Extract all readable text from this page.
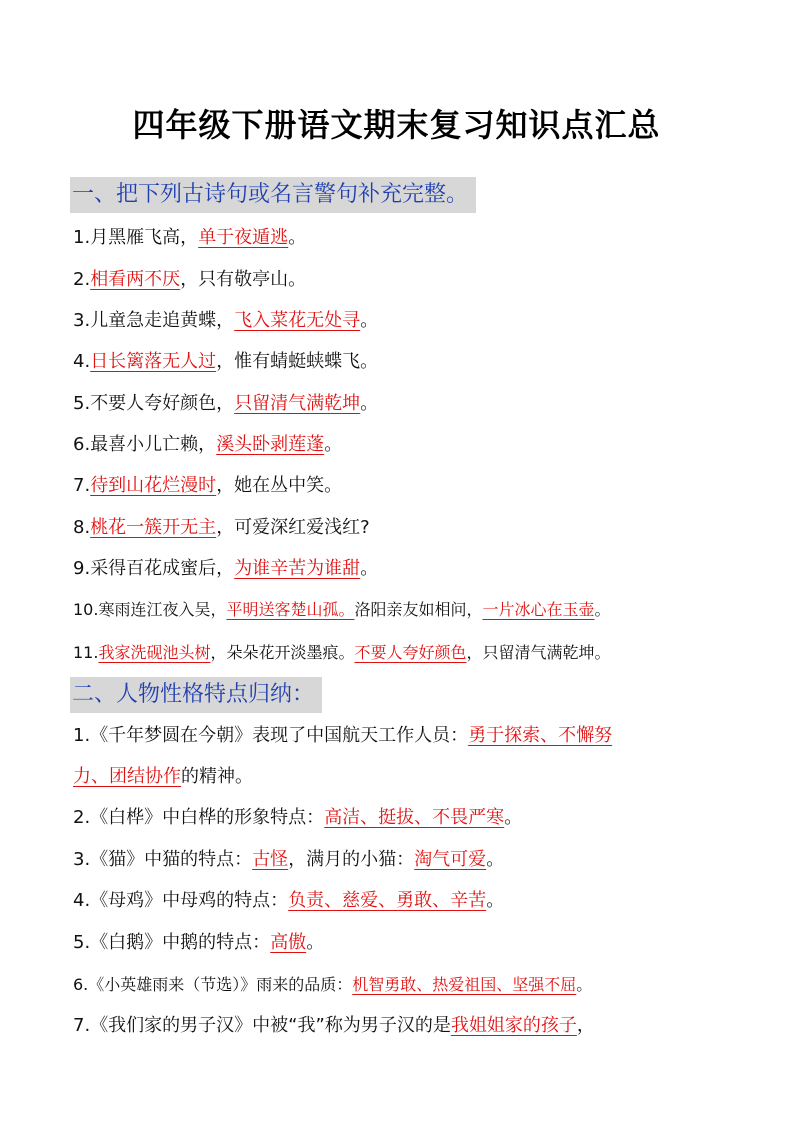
四年级下册语文期末复习知识点汇总
一、把下列古诗句或名言警句补充完整。
1.月黑雁飞高，单于夜遁逃。
2.相看两不厌，只有敬亭山。
3.儿童急走追黄蝶，飞入菜花无处寻。
4.日长篱落无人过，惟有蜻蜓蛱蝶飞。
5.不要人夸好颜色，只留清气满乾坤。
6.最喜小儿亡赖，溪头卧剥莲蓬。
7.待到山花烂漫时，她在丛中笑。
8.桃花一簇开无主，可爱深红爱浅红?
9.采得百花成蜜后，为谁辛苦为谁甜。
10.寒雨连江夜入吴，平明送客楚山孤。洛阳亲友如相问，一片冰心在玉壶。
11.我家洗砚池头树，朵朵花开淡墨痕。不要人夸好颜色，只留清气满乾坤。
二、人物性格特点归纳：
1.《千年梦圆在今朝》表现了中国航天工作人员：勇于探索、不懈努
力、团结协作的精神。
2.《白桦》中白桦的形象特点：高洁、挺拔、不畏严寒。
3.《猫》中猫的特点：古怪，满月的小猫：淘气可爱。
4.《母鸡》中母鸡的特点：负责、慈爱、勇敢、辛苦。
5.《白鹅》中鹅的特点：高傲。
6.《小英雄雨来（节选）》雨来的品质：机智勇敢、热爱祖国、坚强不屈。
7.《我们家的男子汉》中被“我”称为男子汉的是我姐姐家的孩子，
